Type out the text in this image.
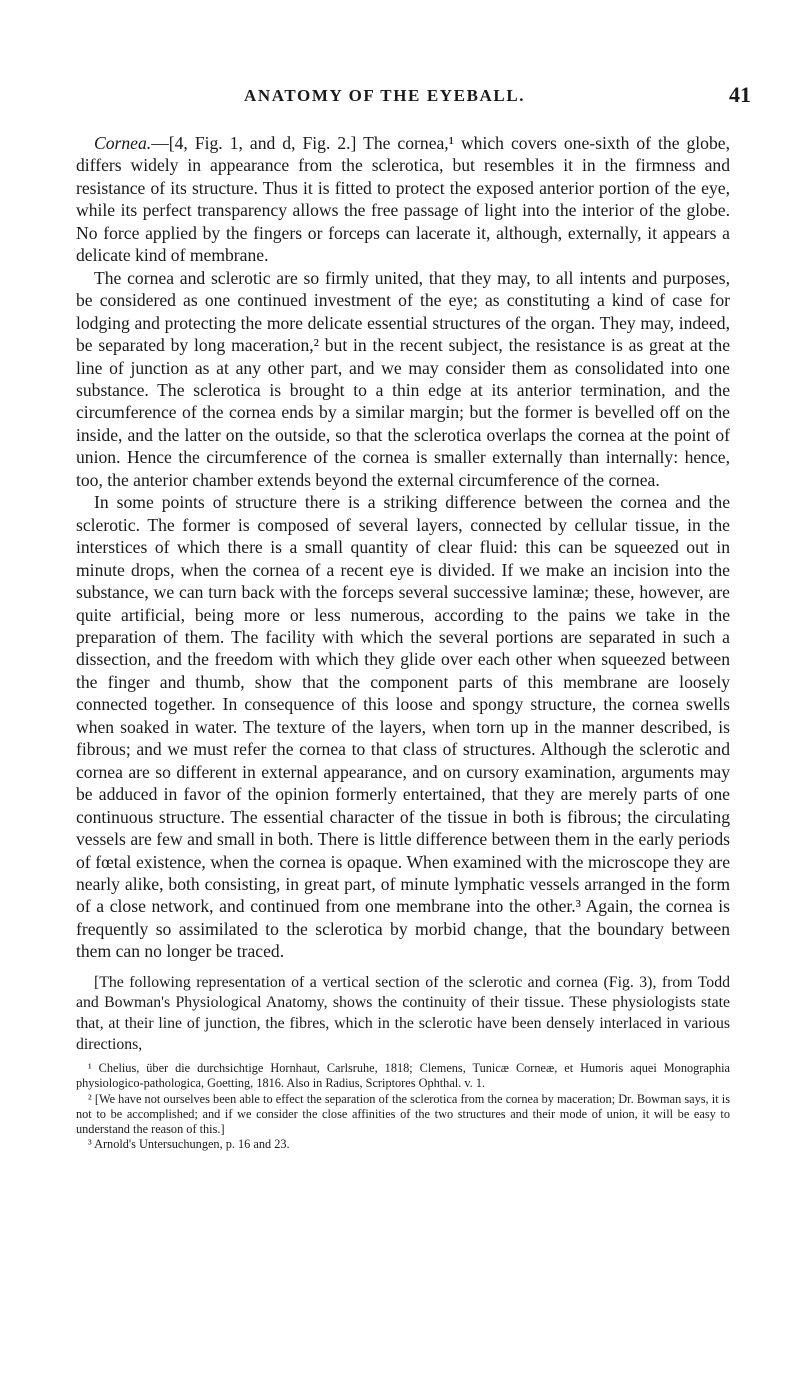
ANATOMY OF THE EYEBALL.	41

Cornea.—[4, Fig. 1, and d, Fig. 2.] The cornea,¹ which covers one-sixth of the globe, differs widely in appearance from the sclerotica, but resembles it in the firmness and resistance of its structure. Thus it is fitted to protect the exposed anterior portion of the eye, while its perfect transparency allows the free passage of light into the interior of the globe. No force applied by the fingers or forceps can lacerate it, although, externally, it appears a delicate kind of membrane.

The cornea and sclerotic are so firmly united, that they may, to all intents and purposes, be considered as one continued investment of the eye; as constituting a kind of case for lodging and protecting the more delicate essential structures of the organ. They may, indeed, be separated by long maceration,² but in the recent subject, the resistance is as great at the line of junction as at any other part, and we may consider them as consolidated into one substance. The sclerotica is brought to a thin edge at its anterior termination, and the circumference of the cornea ends by a similar margin; but the former is bevelled off on the inside, and the latter on the outside, so that the sclerotica overlaps the cornea at the point of union. Hence the circumference of the cornea is smaller externally than internally: hence, too, the anterior chamber extends beyond the external circumference of the cornea.

In some points of structure there is a striking difference between the cornea and the sclerotic. The former is composed of several layers, connected by cellular tissue, in the interstices of which there is a small quantity of clear fluid: this can be squeezed out in minute drops, when the cornea of a recent eye is divided. If we make an incision into the substance, we can turn back with the forceps several successive laminæ; these, however, are quite artificial, being more or less numerous, according to the pains we take in the preparation of them. The facility with which the several portions are separated in such a dissection, and the freedom with which they glide over each other when squeezed between the finger and thumb, show that the component parts of this membrane are loosely connected together. In consequence of this loose and spongy structure, the cornea swells when soaked in water. The texture of the layers, when torn up in the manner described, is fibrous; and we must refer the cornea to that class of structures. Although the sclerotic and cornea are so different in external appearance, and on cursory examination, arguments may be adduced in favor of the opinion formerly entertained, that they are merely parts of one continuous structure. The essential character of the tissue in both is fibrous; the circulating vessels are few and small in both. There is little difference between them in the early periods of fœtal existence, when the cornea is opaque. When examined with the microscope they are nearly alike, both consisting, in great part, of minute lymphatic vessels arranged in the form of a close network, and continued from one membrane into the other.³ Again, the cornea is frequently so assimilated to the sclerotica by morbid change, that the boundary between them can no longer be traced.

[The following representation of a vertical section of the sclerotic and cornea (Fig. 3), from Todd and Bowman's Physiological Anatomy, shows the continuity of their tissue. These physiologists state that, at their line of junction, the fibres, which in the sclerotic have been densely interlaced in various directions,

¹ Chelius, über die durchsichtige Hornhaut, Carlsruhe, 1818; Clemens, Tunicæ Corneæ, et Humoris aquei Monographia physiologico-pathologica, Goetting, 1816. Also in Radius, Scriptores Ophthal. v. 1.

² [We have not ourselves been able to effect the separation of the sclerotica from the cornea by maceration; Dr. Bowman says, it is not to be accomplished; and if we consider the close affinities of the two structures and their mode of union, it will be easy to understand the reason of this.]

³ Arnold's Untersuchungen, p. 16 and 23.
